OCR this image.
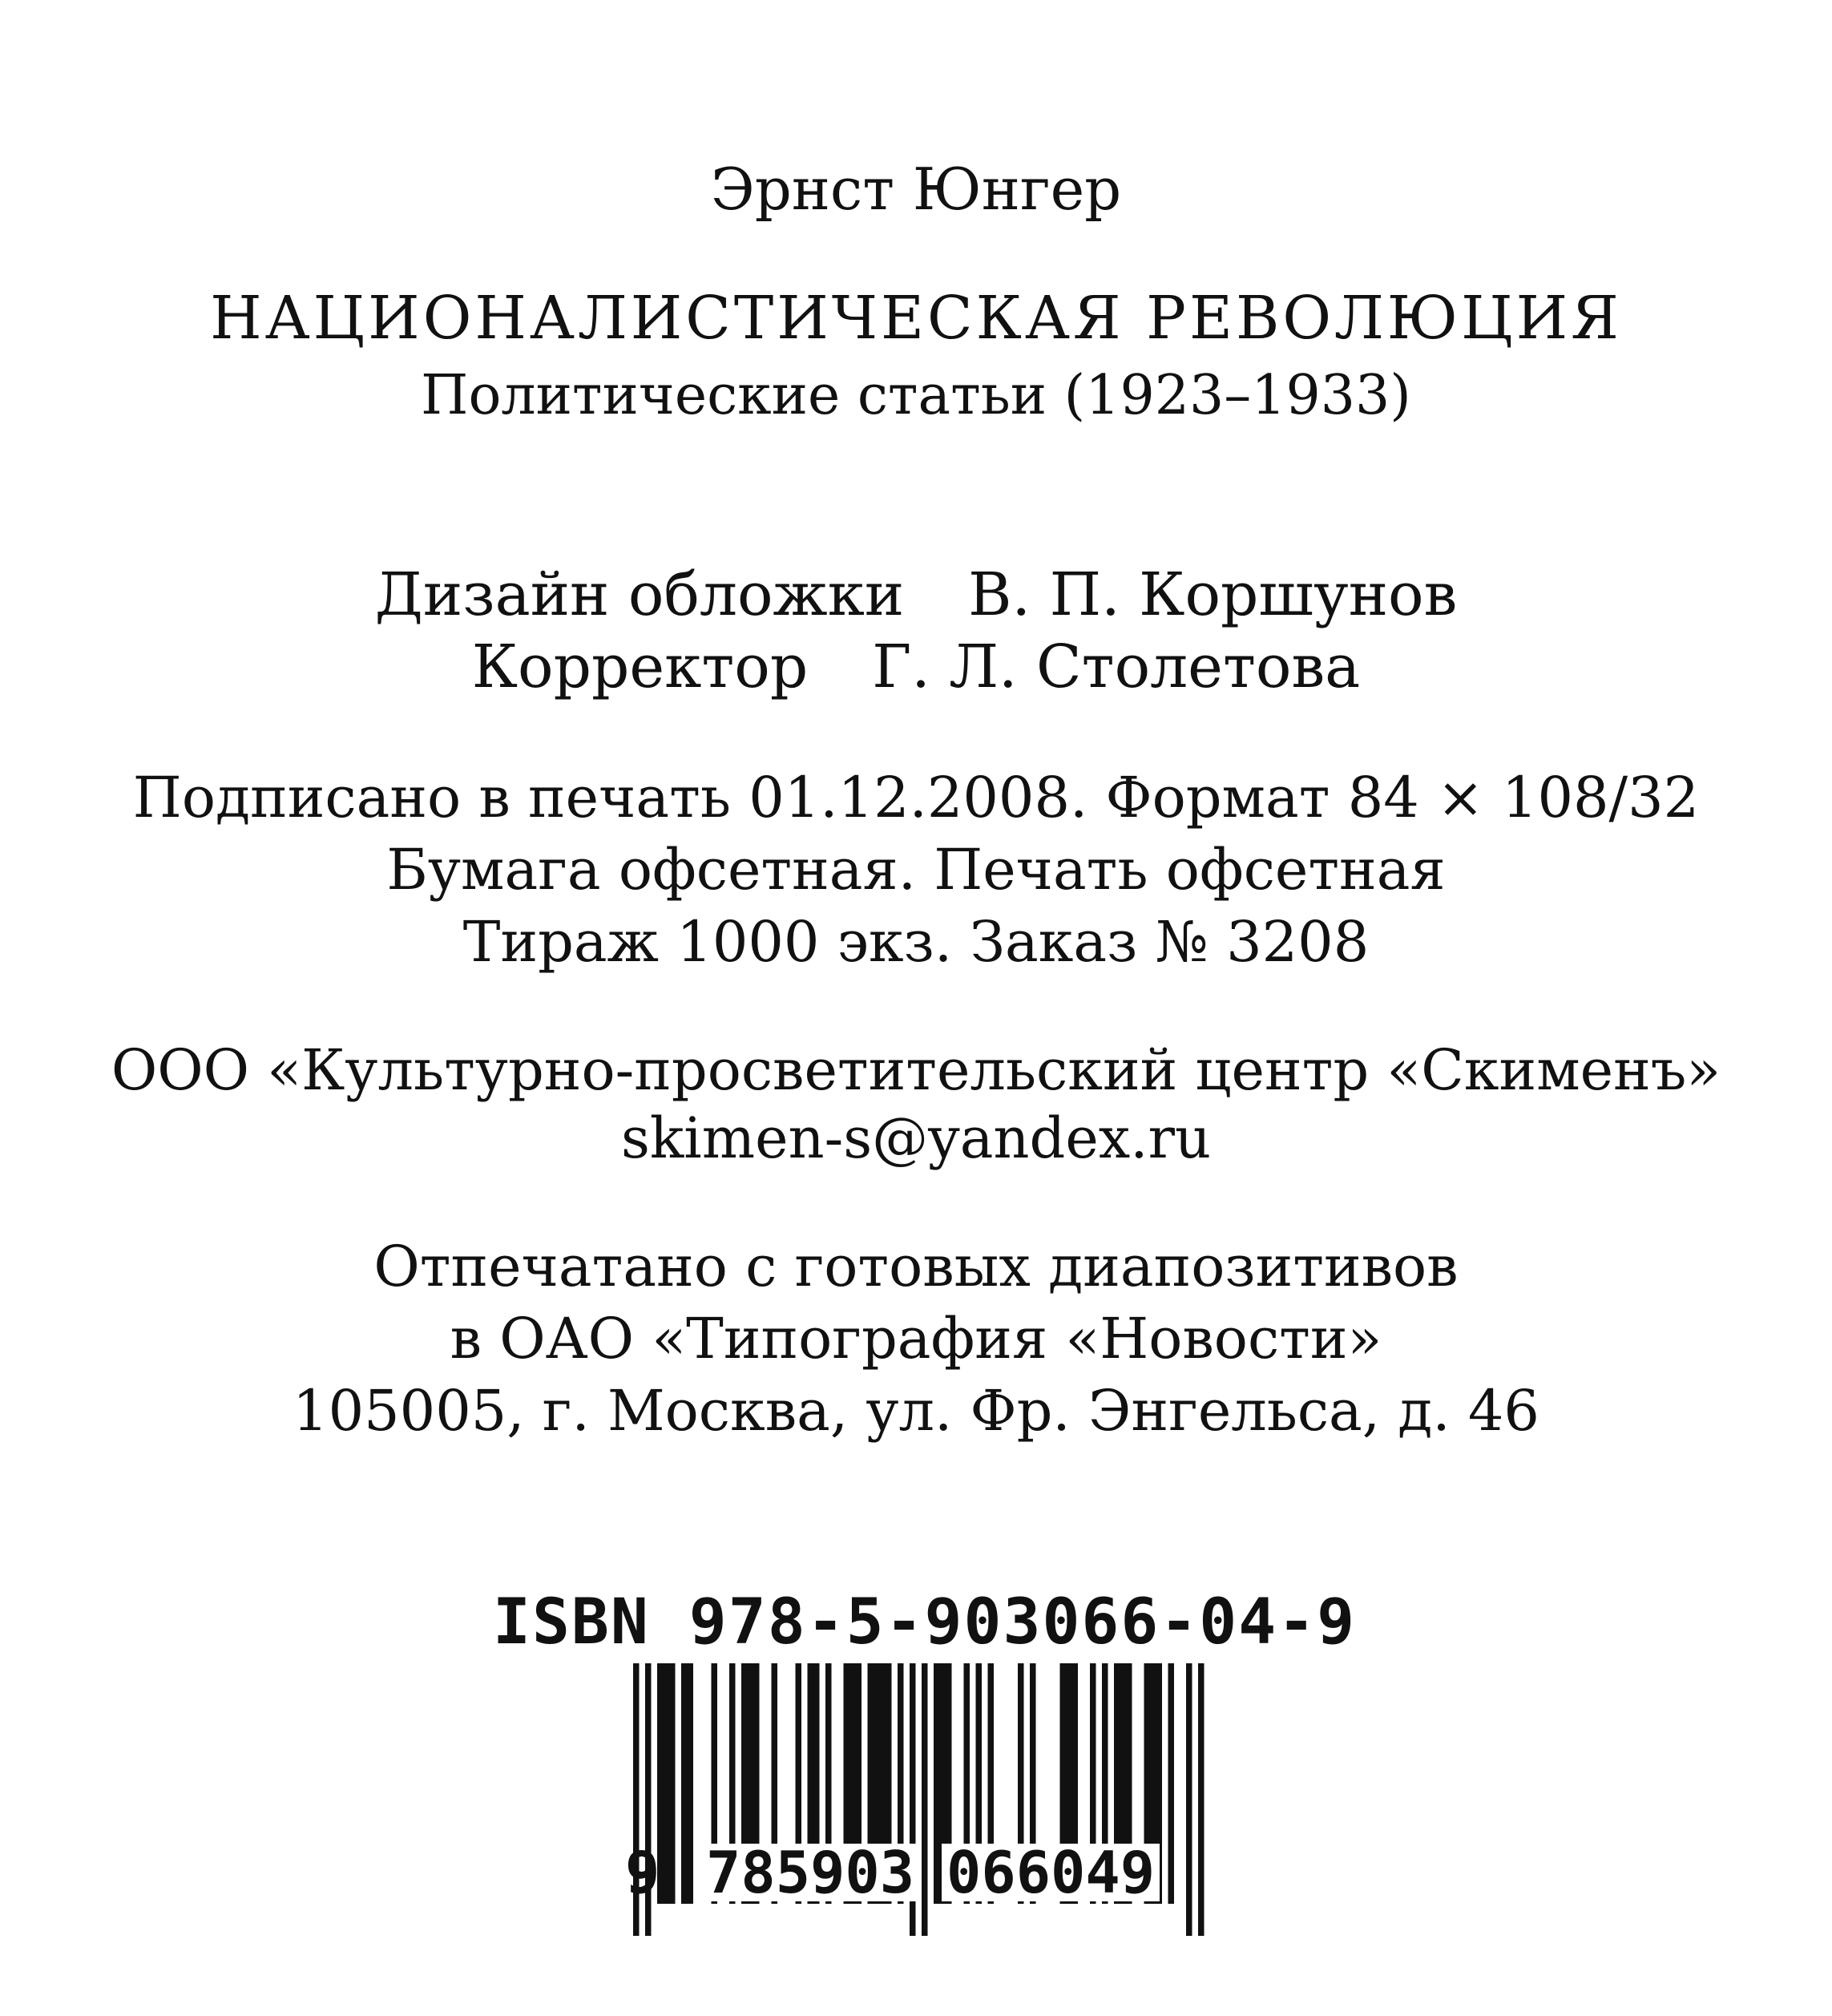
Эрнст Юнгер

НАЦИОНАЛИСТИЧЕСКАЯ РЕВОЛЮЦИЯ

Политические статьи (1923–1933)

Дизайн обложки В. П. Коршунов
Корректор Г. Л. Столетова

Подписано в печать 01.12.2008. Формат 84 × 108/32

Бумага офсетная. Печать офсетная

Тираж 1000 экз. Заказ № 3208

ООО «Культурно-просветительский центр «Скименъ»

skimen-s@yandex.ru

Отпечатано с готовых диапозитивов

в ОАО «Типография «Новости»

105005, г. Москва, ул. Фр. Энгельса, д. 46

ISBN 978-5-903066-04-9
9 785903 066049
